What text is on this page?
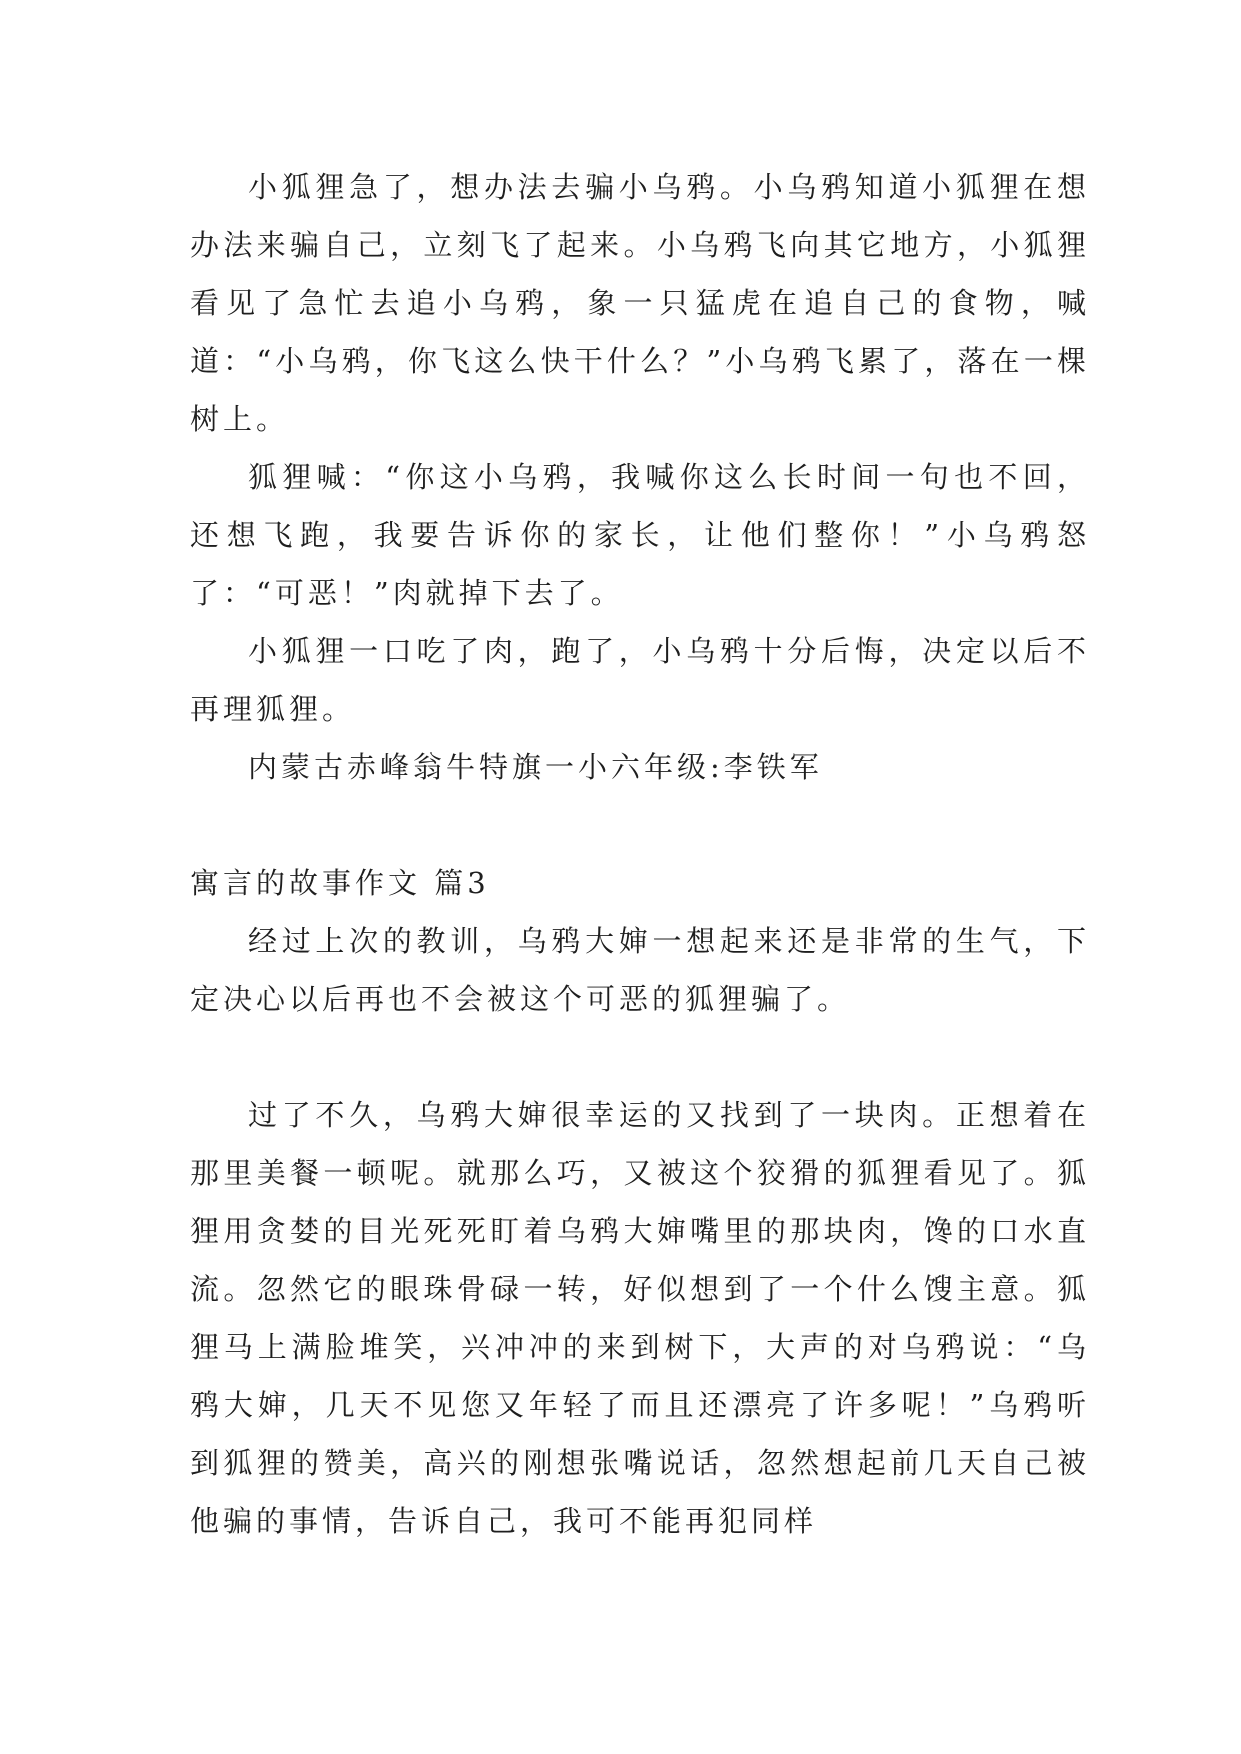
小狐狸急了，想办法去骗小乌鸦。小乌鸦知道小狐狸在想办法来骗自己，立刻飞了起来。小乌鸦飞向其它地方，小狐狸看见了急忙去追小乌鸦，象一只猛虎在追自己的食物，喊道：“小乌鸦，你飞这么快干什么？”小乌鸦飞累了，落在一棵树上。

狐狸喊：“你这小乌鸦，我喊你这么长时间一句也不回，还想飞跑，我要告诉你的家长，让他们整你！”小乌鸦怒了：“可恶！”肉就掉下去了。

小狐狸一口吃了肉，跑了，小乌鸦十分后悔，决定以后不再理狐狸。

内蒙古赤峰翁牛特旗一小六年级:李铁军

寓言的故事作文 篇3

经过上次的教训，乌鸦大婶一想起来还是非常的生气，下定决心以后再也不会被这个可恶的狐狸骗了。

过了不久，乌鸦大婶很幸运的又找到了一块肉。正想着在那里美餐一顿呢。就那么巧，又被这个狡猾的狐狸看见了。狐狸用贪婪的目光死死盯着乌鸦大婶嘴里的那块肉，馋的口水直流。忽然它的眼珠骨碌一转，好似想到了一个什么馊主意。狐狸马上满脸堆笑，兴冲冲的来到树下，大声的对乌鸦说：“乌鸦大婶，几天不见您又年轻了而且还漂亮了许多呢！”乌鸦听到狐狸的赞美，高兴的刚想张嘴说话，忽然想起前几天自己被他骗的事情，告诉自己，我可不能再犯同样
